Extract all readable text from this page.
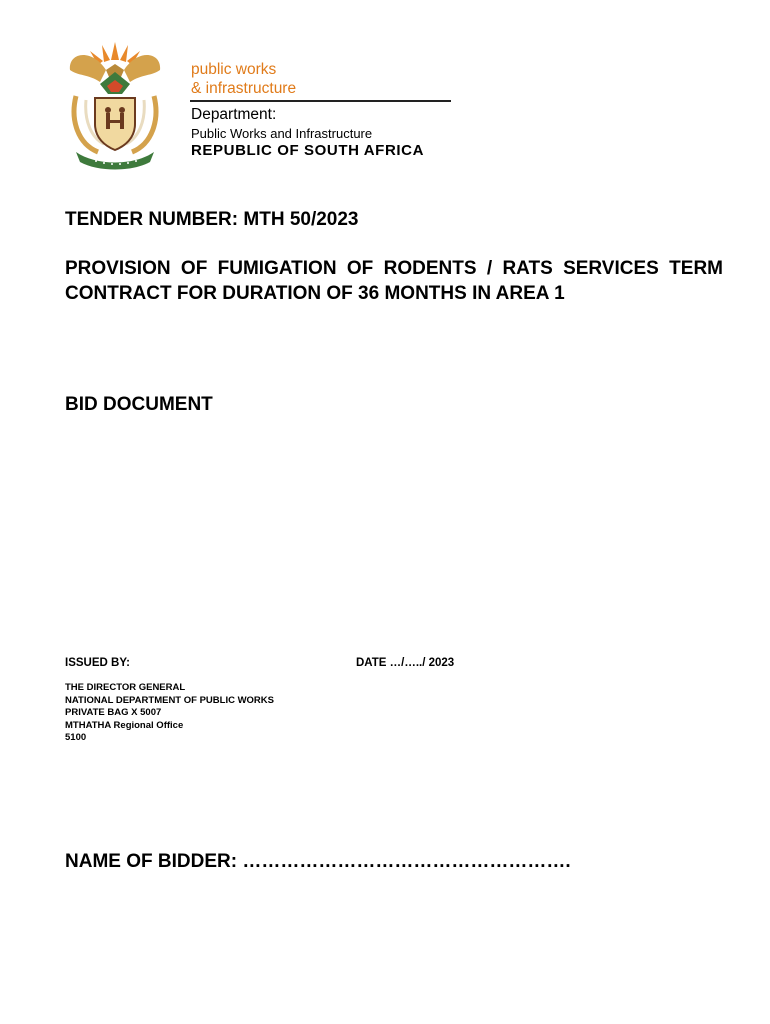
public works
& infrastructure
Department:
Public Works and Infrastructure
REPUBLIC OF SOUTH AFRICA
TENDER NUMBER: MTH 50/2023
PROVISION OF FUMIGATION OF RODENTS / RATS SERVICES TERM CONTRACT FOR DURATION OF 36 MONTHS IN AREA 1
BID DOCUMENT
ISSUED BY:	DATE …/…../ 2023
THE DIRECTOR GENERAL
NATIONAL DEPARTMENT OF PUBLIC WORKS
PRIVATE BAG X 5007
MTHATHA Regional Office
5100
NAME OF BIDDER: …………………………………………….
